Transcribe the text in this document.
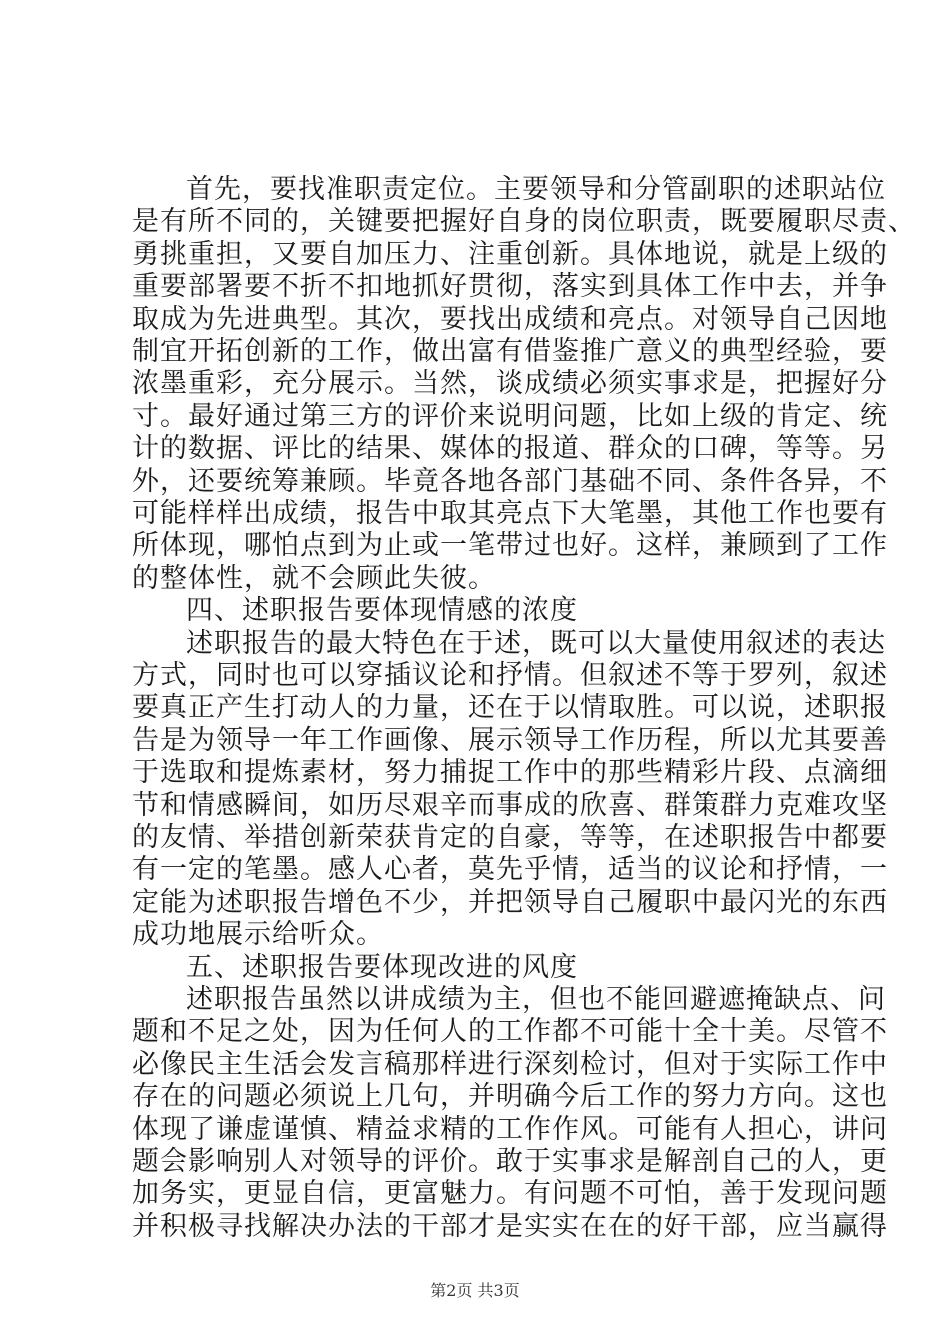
首先，要找准职责定位。主要领导和分管副职的述职站位
是有所不同的，关键要把握好自身的岗位职责，既要履职尽责、
勇挑重担，又要自加压力、注重创新。具体地说，就是上级的
重要部署要不折不扣地抓好贯彻，落实到具体工作中去，并争
取成为先进典型。其次，要找出成绩和亮点。对领导自己因地
制宜开拓创新的工作，做出富有借鉴推广意义的典型经验，要
浓墨重彩，充分展示。当然，谈成绩必须实事求是，把握好分
寸。最好通过第三方的评价来说明问题，比如上级的肯定、统
计的数据、评比的结果、媒体的报道、群众的口碑，等等。另
外，还要统筹兼顾。毕竟各地各部门基础不同、条件各异，不
可能样样出成绩，报告中取其亮点下大笔墨，其他工作也要有
所体现，哪怕点到为止或一笔带过也好。这样，兼顾到了工作
的整体性，就不会顾此失彼。
四、述职报告要体现情感的浓度
述职报告的最大特色在于述，既可以大量使用叙述的表达
方式，同时也可以穿插议论和抒情。但叙述不等于罗列，叙述
要真正产生打动人的力量，还在于以情取胜。可以说，述职报
告是为领导一年工作画像、展示领导工作历程，所以尤其要善
于选取和提炼素材，努力捕捉工作中的那些精彩片段、点滴细
节和情感瞬间，如历尽艰辛而事成的欣喜、群策群力克难攻坚
的友情、举措创新荣获肯定的自豪，等等，在述职报告中都要
有一定的笔墨。感人心者，莫先乎情，适当的议论和抒情，一
定能为述职报告增色不少，并把领导自己履职中最闪光的东西
成功地展示给听众。
五、述职报告要体现改进的风度
述职报告虽然以讲成绩为主，但也不能回避遮掩缺点、问
题和不足之处，因为任何人的工作都不可能十全十美。尽管不
必像民主生活会发言稿那样进行深刻检讨，但对于实际工作中
存在的问题必须说上几句，并明确今后工作的努力方向。这也
体现了谦虚谨慎、精益求精的工作作风。可能有人担心，讲问
题会影响别人对领导的评价。敢于实事求是解剖自己的人，更
加务实，更显自信，更富魅力。有问题不可怕，善于发现问题
并积极寻找解决办法的干部才是实实在在的好干部，应当赢得
第2页 共3页
